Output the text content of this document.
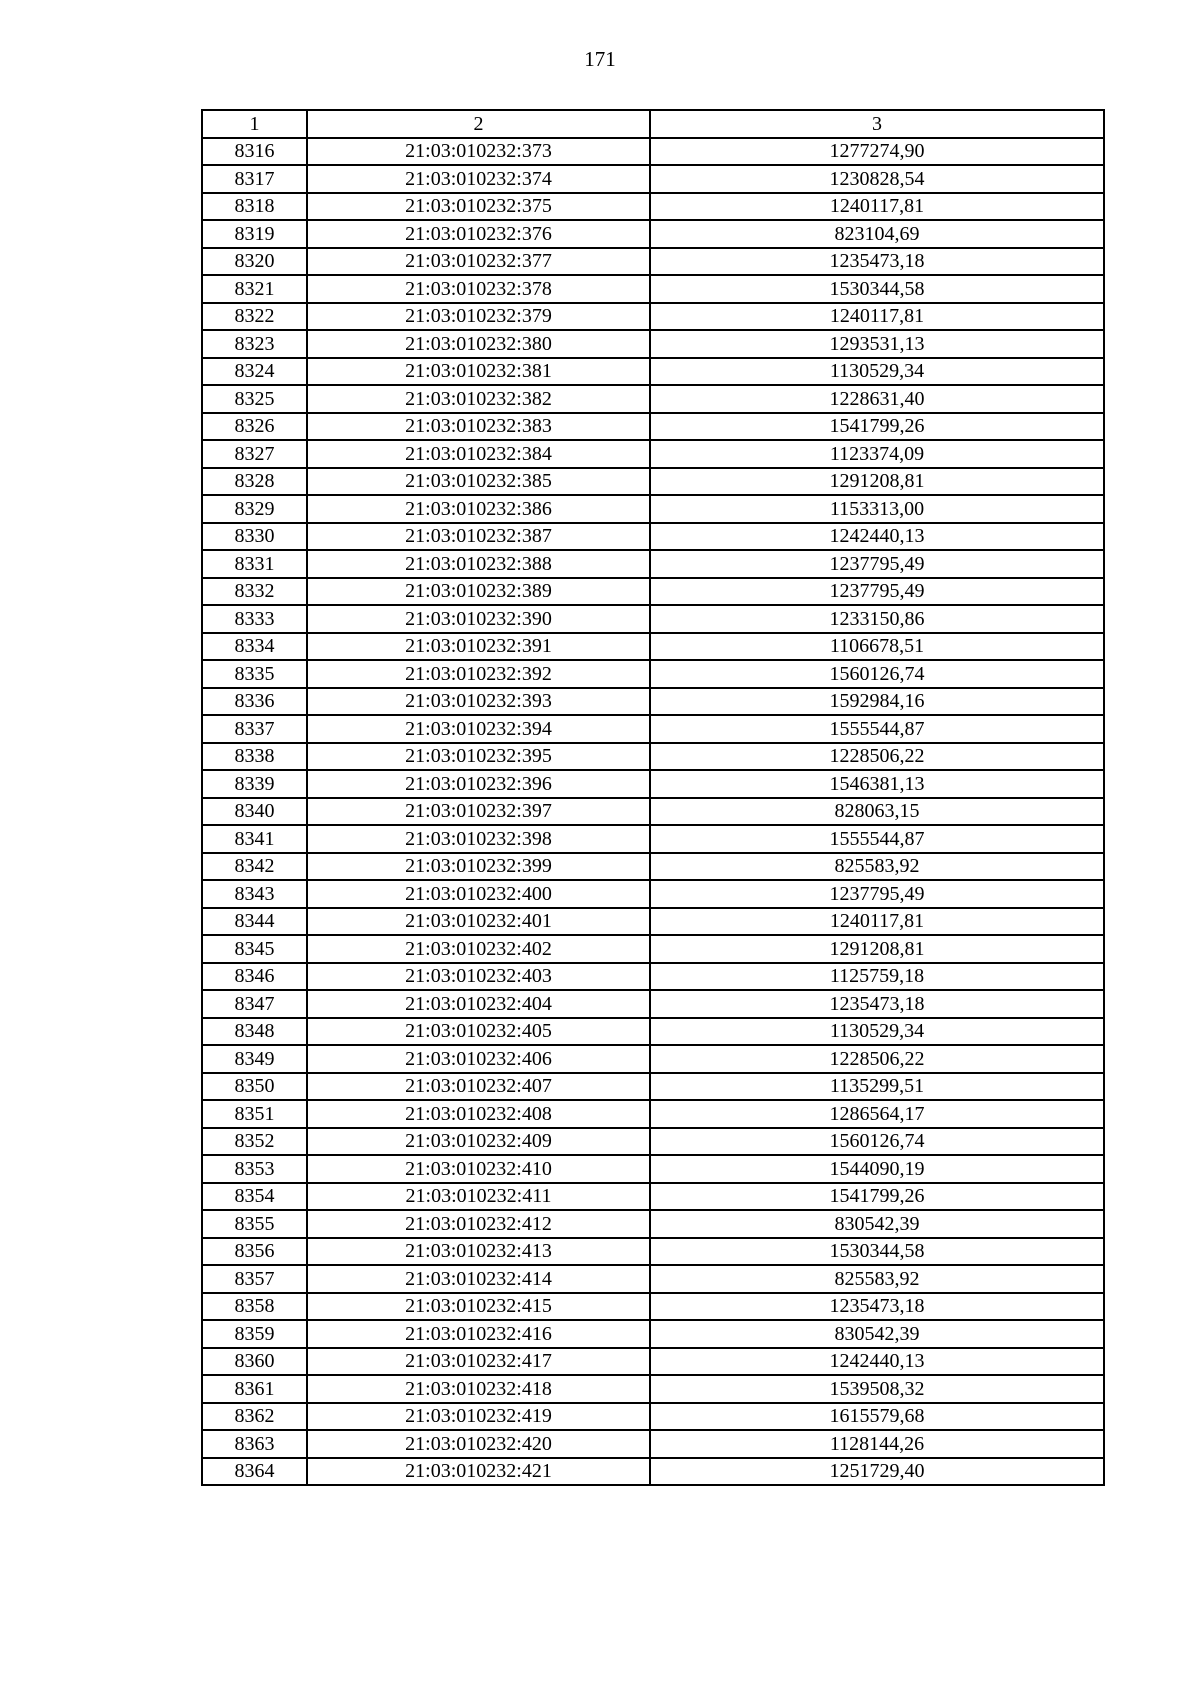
171
1	2	3
8316	21:03:010232:373	1277274,90
8317	21:03:010232:374	1230828,54
8318	21:03:010232:375	1240117,81
8319	21:03:010232:376	823104,69
8320	21:03:010232:377	1235473,18
8321	21:03:010232:378	1530344,58
8322	21:03:010232:379	1240117,81
8323	21:03:010232:380	1293531,13
8324	21:03:010232:381	1130529,34
8325	21:03:010232:382	1228631,40
8326	21:03:010232:383	1541799,26
8327	21:03:010232:384	1123374,09
8328	21:03:010232:385	1291208,81
8329	21:03:010232:386	1153313,00
8330	21:03:010232:387	1242440,13
8331	21:03:010232:388	1237795,49
8332	21:03:010232:389	1237795,49
8333	21:03:010232:390	1233150,86
8334	21:03:010232:391	1106678,51
8335	21:03:010232:392	1560126,74
8336	21:03:010232:393	1592984,16
8337	21:03:010232:394	1555544,87
8338	21:03:010232:395	1228506,22
8339	21:03:010232:396	1546381,13
8340	21:03:010232:397	828063,15
8341	21:03:010232:398	1555544,87
8342	21:03:010232:399	825583,92
8343	21:03:010232:400	1237795,49
8344	21:03:010232:401	1240117,81
8345	21:03:010232:402	1291208,81
8346	21:03:010232:403	1125759,18
8347	21:03:010232:404	1235473,18
8348	21:03:010232:405	1130529,34
8349	21:03:010232:406	1228506,22
8350	21:03:010232:407	1135299,51
8351	21:03:010232:408	1286564,17
8352	21:03:010232:409	1560126,74
8353	21:03:010232:410	1544090,19
8354	21:03:010232:411	1541799,26
8355	21:03:010232:412	830542,39
8356	21:03:010232:413	1530344,58
8357	21:03:010232:414	825583,92
8358	21:03:010232:415	1235473,18
8359	21:03:010232:416	830542,39
8360	21:03:010232:417	1242440,13
8361	21:03:010232:418	1539508,32
8362	21:03:010232:419	1615579,68
8363	21:03:010232:420	1128144,26
8364	21:03:010232:421	1251729,40
